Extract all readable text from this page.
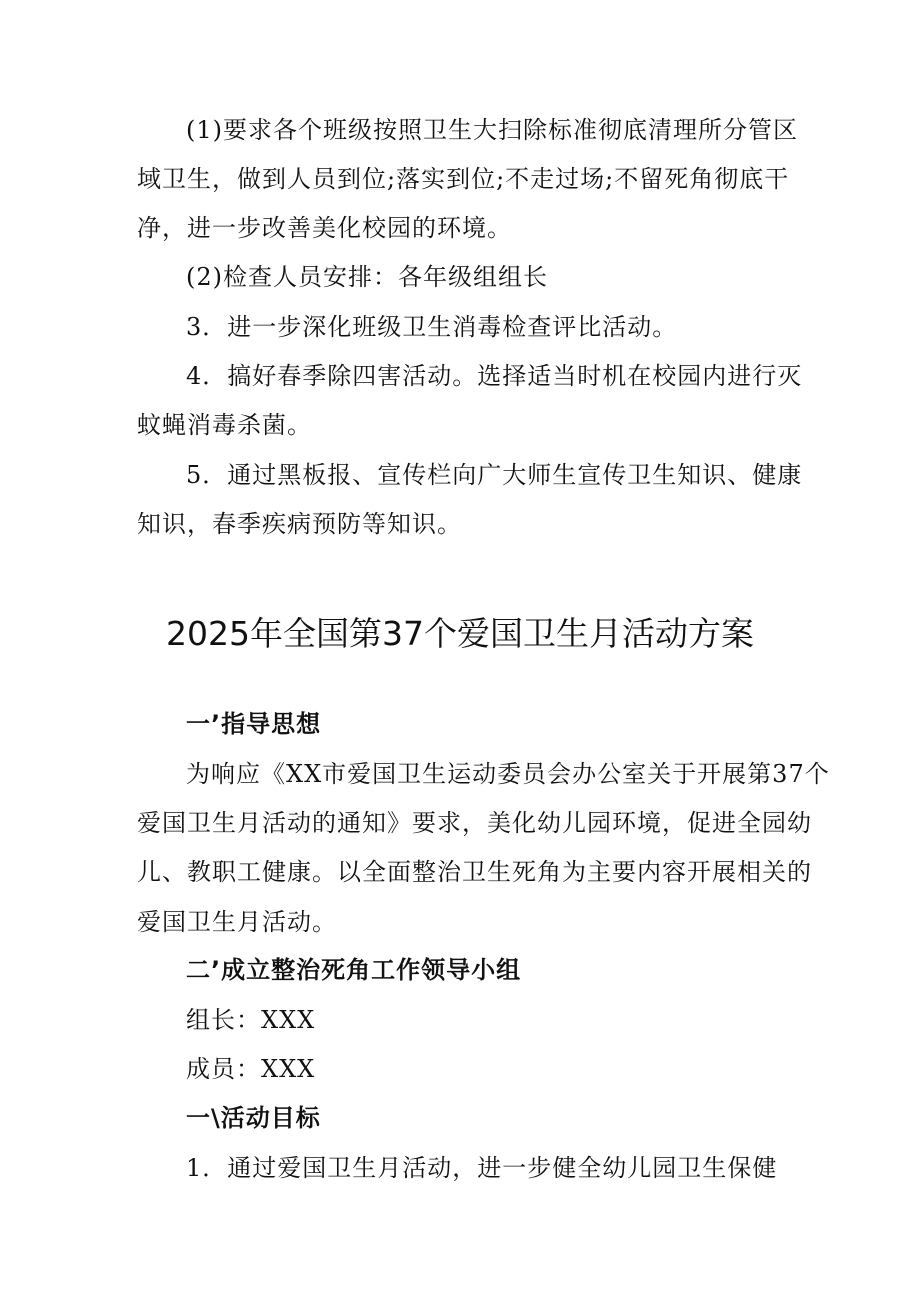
(1)要求各个班级按照卫生大扫除标准彻底清理所分管区
域卫生，做到人员到位;落实到位;不走过场;不留死角彻底干
净，进一步改善美化校园的环境。
(2)检查人员安排：各年级组组长
3．进一步深化班级卫生消毒检查评比活动。
4．搞好春季除四害活动。选择适当时机在校园内进行灭
蚊蝇消毒杀菌。
5．通过黑板报、宣传栏向广大师生宣传卫生知识、健康
知识，春季疾病预防等知识。
2025年全国第37个爱国卫生月活动方案
一’指导思想
为响应《XX市爱国卫生运动委员会办公室关于开展第37个
爱国卫生月活动的通知》要求，美化幼儿园环境，促进全园幼
儿、教职工健康。以全面整治卫生死角为主要内容开展相关的
爱国卫生月活动。
二’成立整治死角工作领导小组
组长：XXX
成员：XXX
一\活动目标
1．通过爱国卫生月活动，进一步健全幼儿园卫生保健
